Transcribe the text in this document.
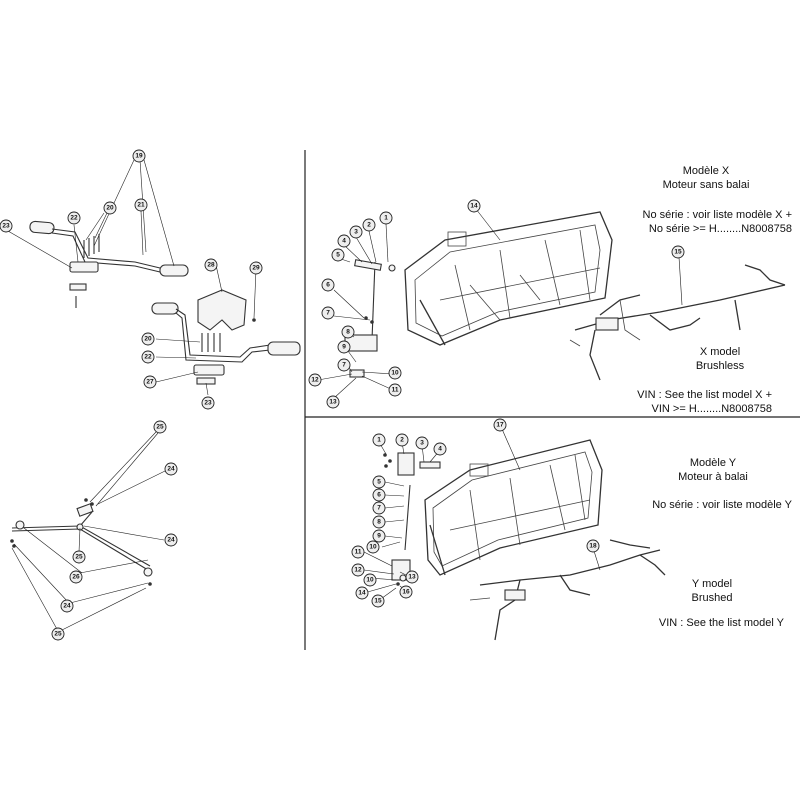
19
20	21
22
23
28	29
20
22
27
23
25
24
24
25
26
24
25
1
2
3
4
5
6
7
8
9
7
10
11
12
13
14
15
1	2	3
4
5
6
7
8
9
10
11
12
10	13
14
15
16
17
18
Modèle X
Moteur sans balai
No série : voir liste modèle X +
No série >= H........N8008758
X model
Brushless
VIN : See the list model X +
VIN >= H........N8008758
Modèle Y
Moteur à balai
No série : voir liste modèle Y
Y model
Brushed
VIN : See the list model Y
